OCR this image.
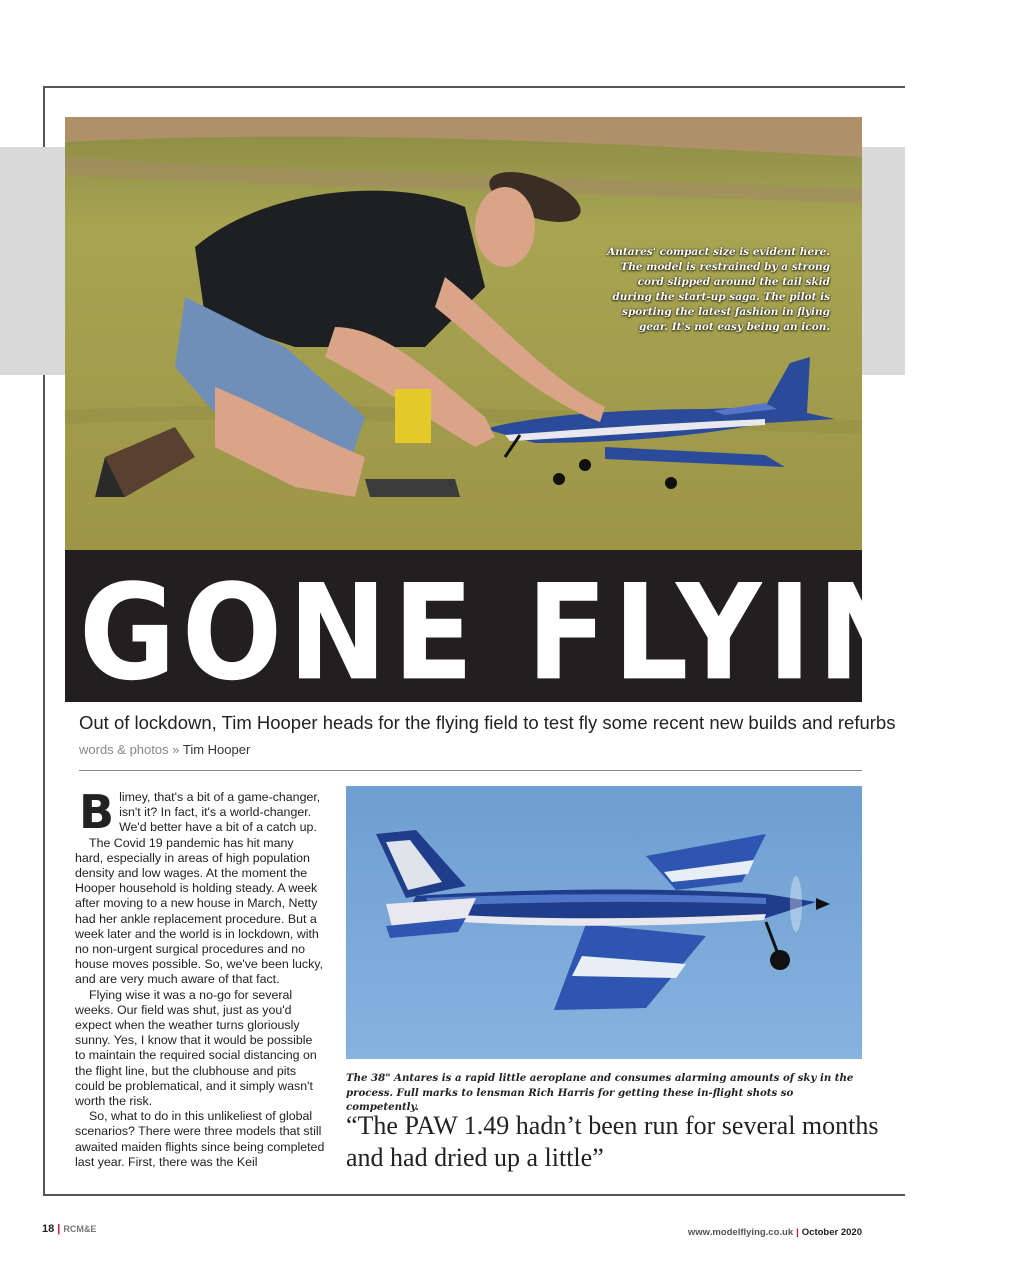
Antares' compact size is evident here. The model is restrained by a strong cord slipped around the tail skid during the start-up saga. The pilot is sporting the latest fashion in flying gear. It's not easy being an icon.
GONE FLYING
Out of lockdown, Tim Hooper heads for the flying field to test fly some recent new builds and refurbs
words & photos » Tim Hooper

Blimey, that's a bit of a game-changer, isn't it? In fact, it's a world-changer. We'd better have a bit of a catch up.

The Covid 19 pandemic has hit many hard, especially in areas of high population density and low wages. At the moment the Hooper household is holding steady. A week after moving to a new house in March, Netty had her ankle replacement procedure. But a week later and the world is in lockdown, with no non-urgent surgical procedures and no house moves possible. So, we've been lucky, and are very much aware of that fact.

Flying wise it was a no-go for several weeks. Our field was shut, just as you'd expect when the weather turns gloriously sunny. Yes, I know that it would be possible to maintain the required social distancing on the flight line, but the clubhouse and pits could be problematical, and it simply wasn't worth the risk.

So, what to do in this unlikeliest of global scenarios? There were three models that still awaited maiden flights since being completed last year. First, there was the Keil

The 38" Antares is a rapid little aeroplane and consumes alarming amounts of sky in the process. Full marks to lensman Rich Harris for getting these in-flight shots so competently.
“The PAW 1.49 hadn’t been run for several months and had dried up a little”
18 | RCM&E	www.modelflying.co.uk | October 2020
